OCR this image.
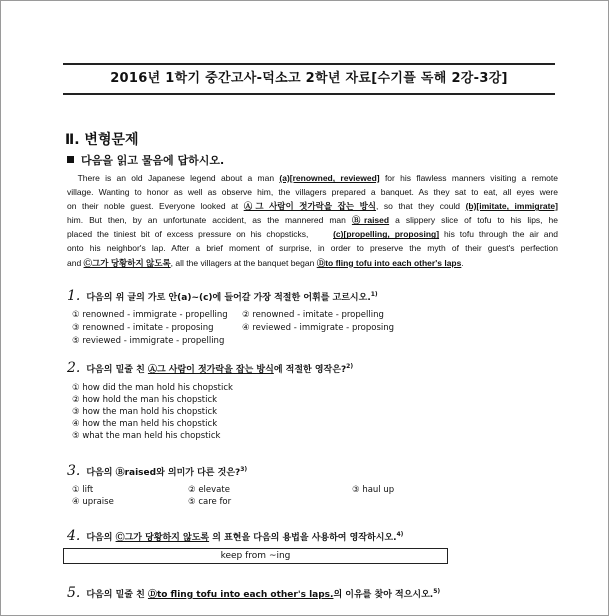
2016년 1학기 중간고사-덕소고 2학년 자료[수기플 독해 2강-3강]
Ⅱ. 변형문제
다음을 읽고 물음에 답하시오.
There is an old Japanese legend about a man (a)[renowned, reviewed] for his flawless manners visiting a remote
village. Wanting to honor as well as observe him, the villagers prepared a banquet. As they sat to eat, all eyes were
on their noble guest. Everyone looked at Ⓐ그 사람이 젓가락을 잡는 방식, so that they could (b)[imitate, immigrate]
him. But then, by an unfortunate accident, as the mannered man Ⓑraised a slippery slice of tofu to his lips, he
placed the tiniest bit of excess pressure on his chopsticks,	(c)[propelling, proposing] his tofu through the air and
onto his neighbor's lap. After a brief moment of surprise, in order to preserve the myth of their guest's perfection
and Ⓒ그가 당황하지 않도록, all the villagers at the banquet began Ⓓto fling tofu into each other's laps.
1. 다음의 위 글의 가로 안(a)~(c)에 들어갈 가장 적절한 어휘를 고르시오.$^{1)}$
① renowned - immigrate - propelling ② renowned - imitate - propelling
③ renowned - imitate - proposing	④ reviewed - immigrate - proposing
⑤ reviewed - immigrate - propelling
2. 다음의 밑줄 친 Ⓐ그 사람이 젓가락을 잡는 방식에 적절한 영작은?$^{2)}$
① how did the man hold his chopstick
② how hold the man his chopstick
③ how the man hold his chopstick
④ how the man held his chopstick
⑤ what the man held his chopstick
3. 다음의 Ⓑraised와 의미가 다른 것은?$^{3)}$
① lift	② elevate	③ haul up
④ upraise	⑤ care for
4. 다음의 Ⓒ그가 당황하지 않도록 의 표현을 다음의 용법을 사용하여 영작하시오.$^{4)}$
keep from ~ing
5. 다음의 밑줄 친 Ⓓto fling tofu into each other's laps.의 이유를 찾아 적으시오.$^{5)}$
